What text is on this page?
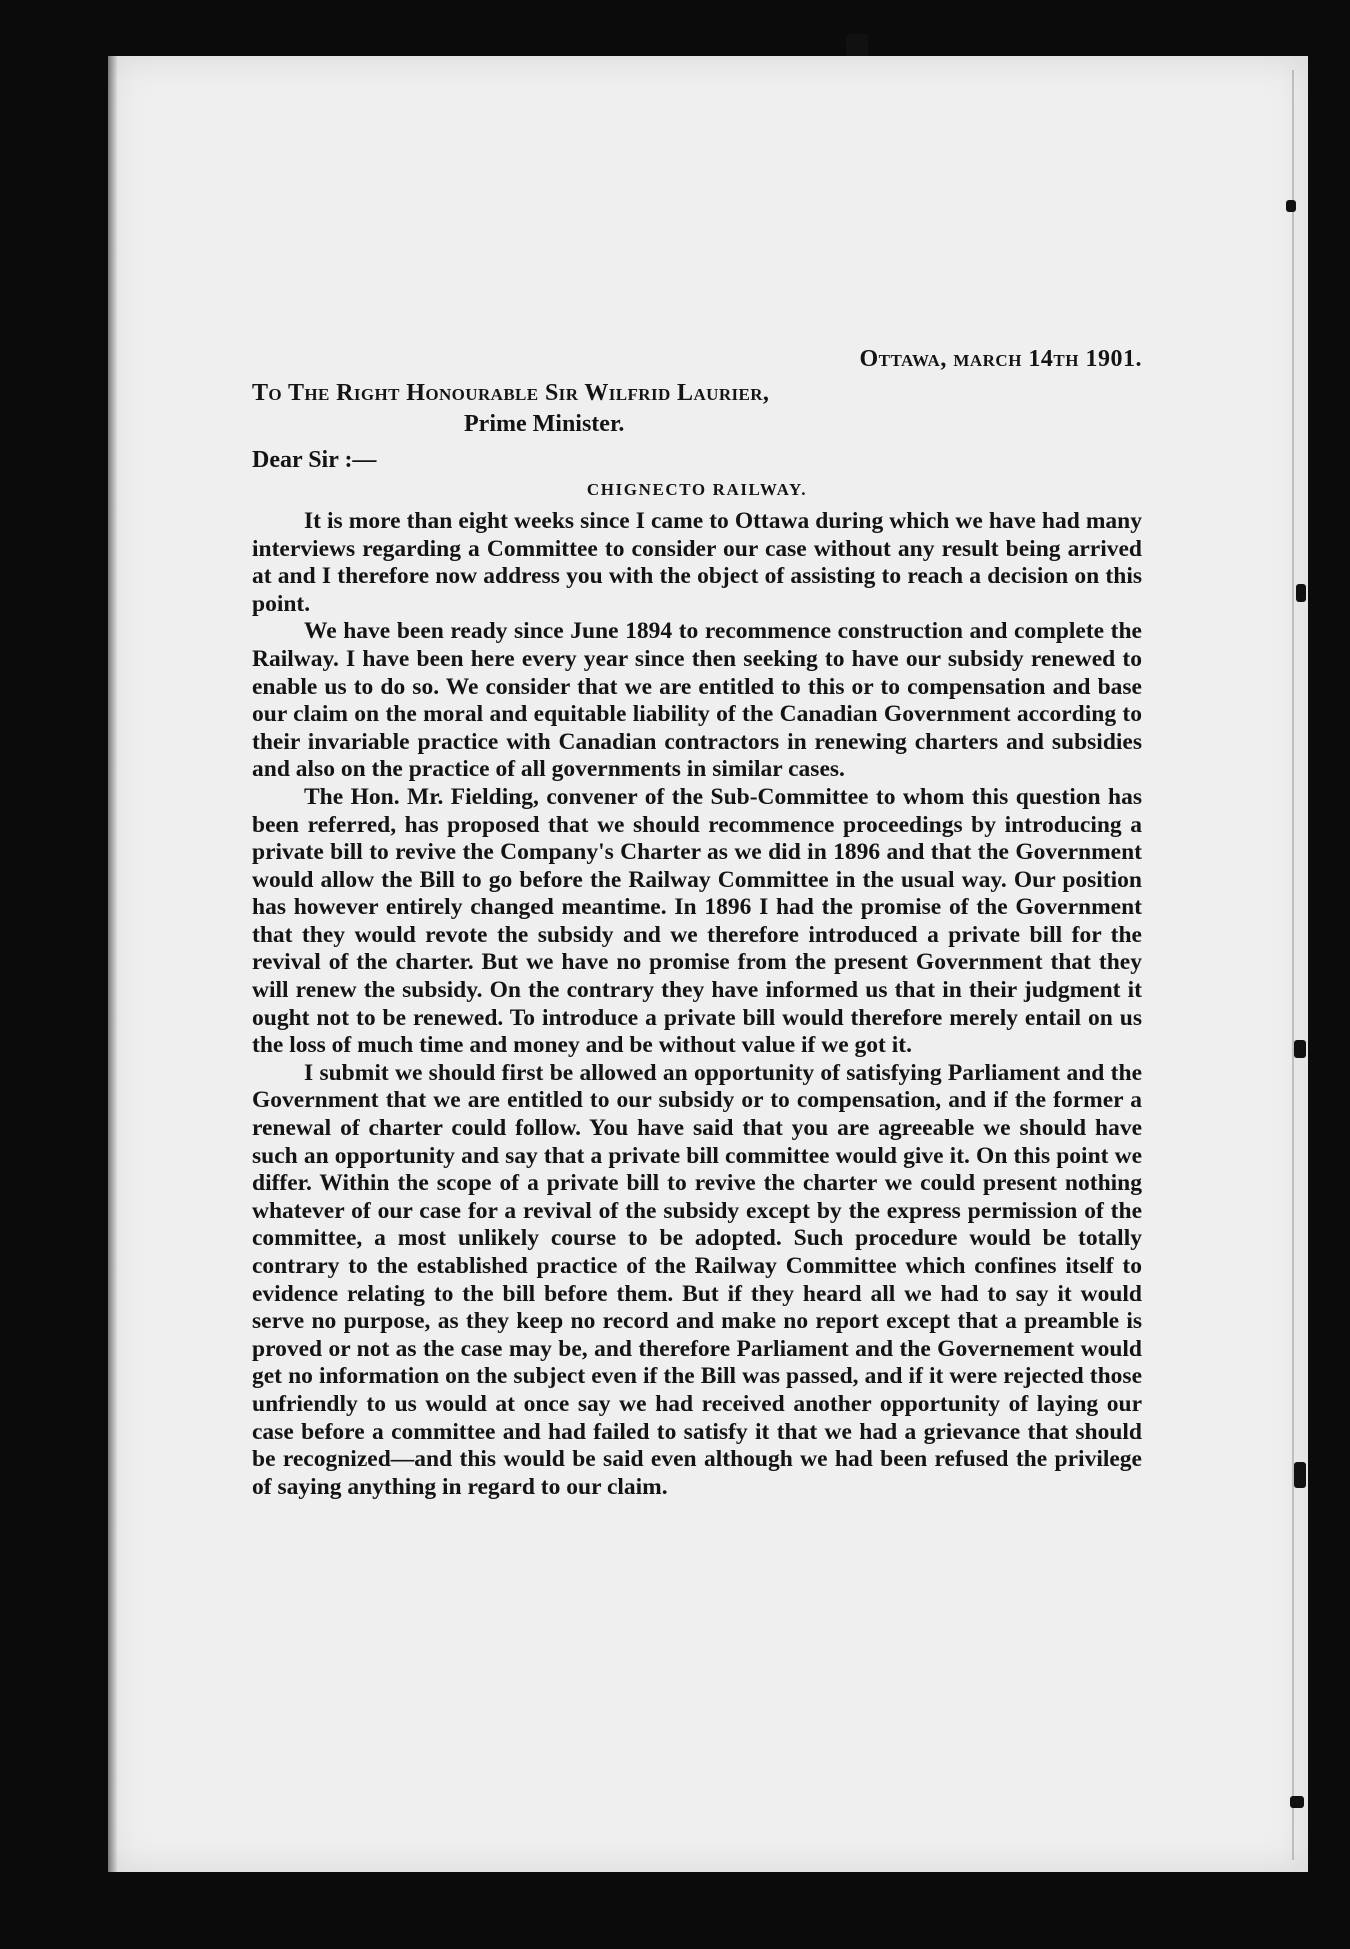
Ottawa, march 14th 1901.

To The Right Honourable Sir Wilfrid Laurier,

Prime Minister.

Dear Sir :—

CHIGNECTO RAILWAY.

It is more than eight weeks since I came to Ottawa during which we have had many interviews regarding a Committee to consider our case without any result being arrived at and I therefore now address you with the object of assisting to reach a decision on this point.

We have been ready since June 1894 to recommence construction and complete the Railway. I have been here every year since then seeking to have our subsidy renewed to enable us to do so. We consider that we are entitled to this or to compensation and base our claim on the moral and equitable liability of the Canadian Government according to their invariable practice with Canadian contractors in renewing charters and subsidies and also on the practice of all governments in similar cases.

The Hon. Mr. Fielding, convener of the Sub-Committee to whom this question has been referred, has proposed that we should recommence proceedings by introducing a private bill to revive the Company's Charter as we did in 1896 and that the Government would allow the Bill to go before the Railway Committee in the usual way. Our position has however entirely changed meantime. In 1896 I had the promise of the Government that they would revote the subsidy and we therefore introduced a private bill for the revival of the charter. But we have no promise from the present Government that they will renew the subsidy. On the contrary they have informed us that in their judgment it ought not to be renewed. To introduce a private bill would therefore merely entail on us the loss of much time and money and be without value if we got it.

I submit we should first be allowed an opportunity of satisfying Parliament and the Government that we are entitled to our subsidy or to compensation, and if the former a renewal of charter could follow. You have said that you are agreeable we should have such an opportunity and say that a private bill committee would give it. On this point we differ. Within the scope of a private bill to revive the charter we could present nothing whatever of our case for a revival of the subsidy except by the express permission of the committee, a most unlikely course to be adopted. Such procedure would be totally contrary to the established practice of the Railway Committee which confines itself to evidence relating to the bill before them. But if they heard all we had to say it would serve no purpose, as they keep no record and make no report except that a preamble is proved or not as the case may be, and therefore Parliament and the Governement would get no information on the subject even if the Bill was passed, and if it were rejected those unfriendly to us would at once say we had received another opportunity of laying our case before a committee and had failed to satisfy it that we had a grievance that should be recognized—and this would be said even although we had been refused the privilege of saying anything in regard to our claim.
